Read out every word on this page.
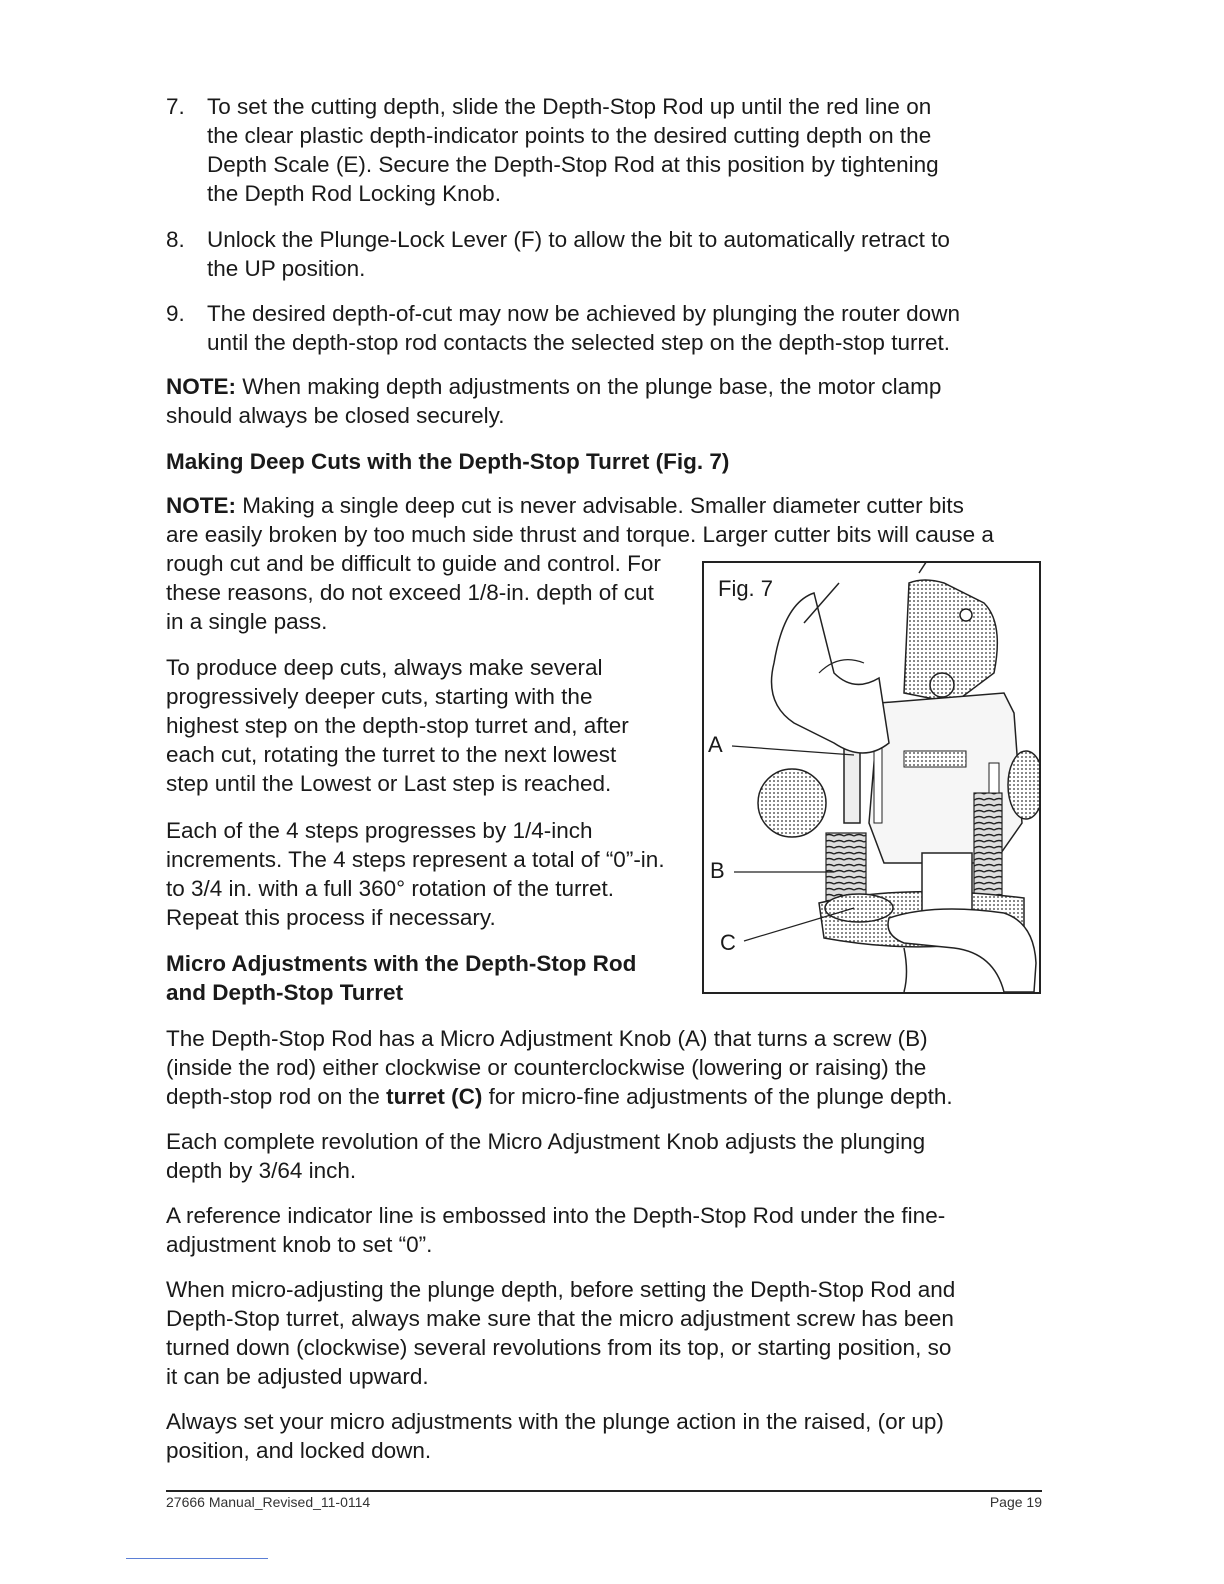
7. To set the cutting depth, slide the Depth-Stop Rod up until the red line on
the clear plastic depth-indicator points to the desired cutting depth on the
Depth Scale (E). Secure the Depth-Stop Rod at this position by tightening
the Depth Rod Locking Knob.

8. Unlock the Plunge-Lock Lever (F) to allow the bit to automatically retract to
the UP position.

9. The desired depth-of-cut may now be achieved by plunging the router down
until the depth-stop rod contacts the selected step on the depth-stop turret.

NOTE: When making depth adjustments on the plunge base, the motor clamp
should always be closed securely.

Making Deep Cuts with the Depth-Stop Turret (Fig. 7)

NOTE: Making a single deep cut is never advisable. Smaller diameter cutter bits
are easily broken by too much side thrust and torque. Larger cutter bits will cause a
rough cut and be difficult to guide and control. For
these reasons, do not exceed 1/8-in. depth of cut
in a single pass.

To produce deep cuts, always make several
progressively deeper cuts, starting with the
highest step on the depth-stop turret and, after
each cut, rotating the turret to the next lowest
step until the Lowest or Last step is reached.

Each of the 4 steps progresses by 1/4-inch
increments. The 4 steps represent a total of “0”-in.
to 3/4 in. with a full 360° rotation of the turret.
Repeat this process if necessary.

Micro Adjustments with the Depth-Stop Rod
and Depth-Stop Turret

Fig. 7
A
B
C

The Depth-Stop Rod has a Micro Adjustment Knob (A) that turns a screw (B)
(inside the rod) either clockwise or counterclockwise (lowering or raising) the
depth-stop rod on the turret (C) for micro-fine adjustments of the plunge depth.

Each complete revolution of the Micro Adjustment Knob adjusts the plunging
depth by 3/64 inch.

A reference indicator line is embossed into the Depth-Stop Rod under the fine-
adjustment knob to set “0”.

When micro-adjusting the plunge depth, before setting the Depth-Stop Rod and
Depth-Stop turret, always make sure that the micro adjustment screw has been
turned down (clockwise) several revolutions from its top, or starting position, so
it can be adjusted upward.

Always set your micro adjustments with the plunge action in the raised, (or up)
position, and locked down.

27666 Manual_Revised_11-0114	Page 19
